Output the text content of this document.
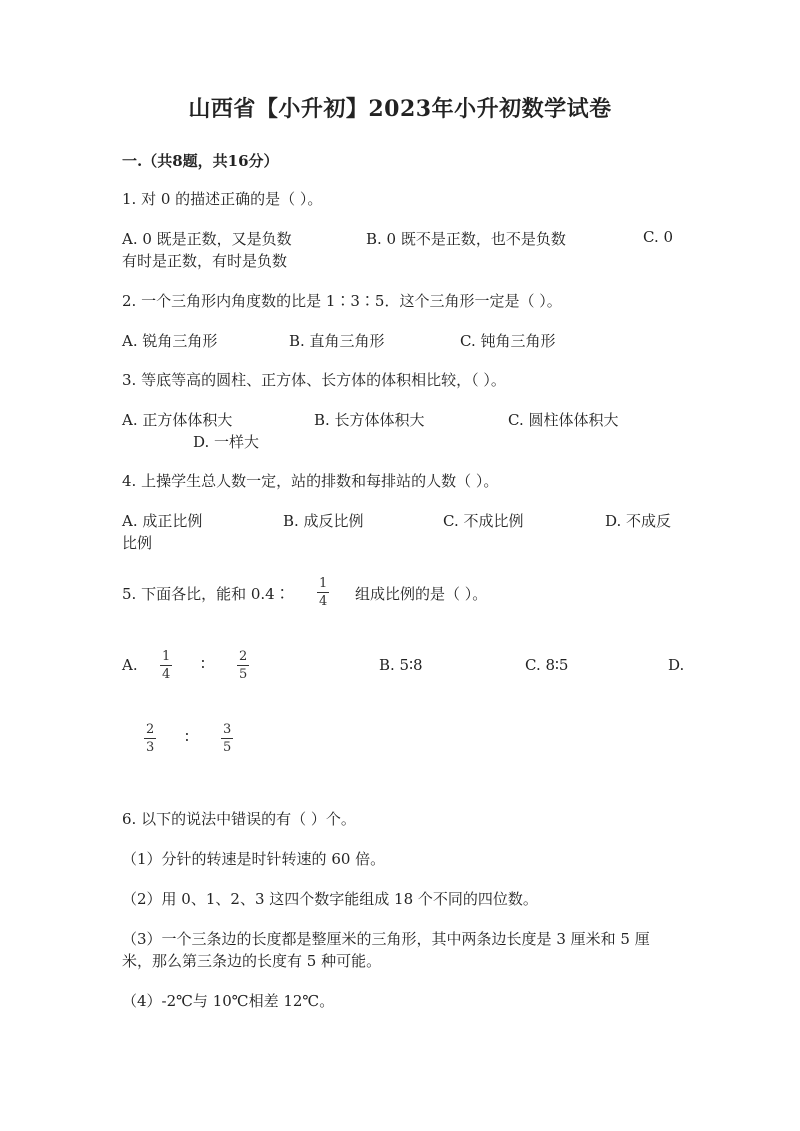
山西省【小升初】2023年小升初数学试卷
一.（共8题，共16分）
1. 对 0 的描述正确的是（ ）。
A. 0 既是正数，又是负数	B. 0 既不是正数，也不是负数	C. 0
有时是正数，有时是负数
2. 一个三角形内角度数的比是 1∶3∶5．这个三角形一定是（ ）。
A. 锐角三角形	B. 直角三角形	C. 钝角三角形
3. 等底等高的圆柱、正方体、长方体的体积相比较，（ ）。
A. 正方体体积大	B. 长方体体积大	C. 圆柱体体积大
D. 一样大
4. 上操学生总人数一定，站的排数和每排站的人数（ ）。
A. 成正比例	B. 成反比例	C. 不成比例	D. 不成反
比例
5. 下面各比，能和 0.4∶
1
4 组成比例的是（ ）。
A. 1
4
∶	2
5
B. 5∶8	C. 8∶5	D.
2
3
∶	3
5
6. 以下的说法中错误的有（ ）个。
（1）分针的转速是时针转速的 60 倍。
（2）用 0、1、2、3 这四个数字能组成 18 个不同的四位数。
（3）一个三条边的长度都是整厘米的三角形，其中两条边长度是 3 厘米和 5 厘
米，那么第三条边的长度有 5 种可能。
（4）-2℃与 10℃相差 12℃。
